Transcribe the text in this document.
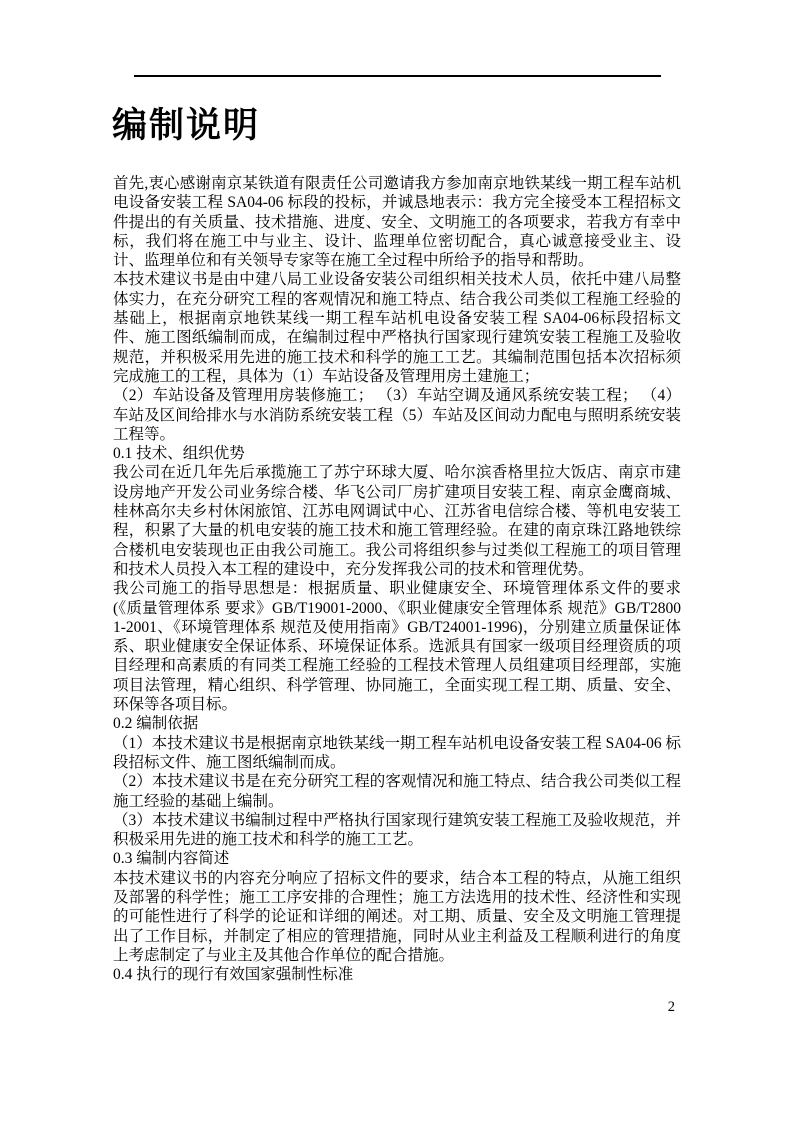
编制说明

首先,衷心感谢南京某铁道有限责任公司邀请我方参加南京地铁某线一期工程车站机电设备安装工程 SA04-06 标段的投标，并诚恳地表示：我方完全接受本工程招标文件提出的有关质量、技术措施、进度、安全、文明施工的各项要求，若我方有幸中标，我们将在施工中与业主、设计、监理单位密切配合，真心诚意接受业主、设计、监理单位和有关领导专家等在施工全过程中所给予的指导和帮助。

本技术建议书是由中建八局工业设备安装公司组织相关技术人员，依托中建八局整体实力，在充分研究工程的客观情况和施工特点、结合我公司类似工程施工经验的基础上，根据南京地铁某线一期工程车站机电设备安装工程 SA04-06标段招标文件、施工图纸编制而成，在编制过程中严格执行国家现行建筑安装工程施工及验收规范，并积极采用先进的施工技术和科学的施工工艺。其编制范围包括本次招标须完成施工的工程，具体为（1）车站设备及管理用房土建施工；

（2）车站设备及管理用房装修施工； （3）车站空调及通风系统安装工程； （4）车站及区间给排水与水消防系统安装工程（5）车站及区间动力配电与照明系统安装工程等。

0.1 技术、组织优势

我公司在近几年先后承揽施工了苏宁环球大厦、哈尔滨香格里拉大饭店、南京市建设房地产开发公司业务综合楼、华飞公司厂房扩建项目安装工程、南京金鹰商城、桂林高尔夫乡村休闲旅馆、江苏电网调试中心、江苏省电信综合楼、等机电安装工程，积累了大量的机电安装的施工技术和施工管理经验。在建的南京珠江路地铁综合楼机电安装现也正由我公司施工。我公司将组织参与过类似工程施工的项目管理和技术人员投入本工程的建设中，充分发挥我公司的技术和管理优势。

我公司施工的指导思想是：根据质量、职业健康安全、环境管理体系文件的要求(《质量管理体系 要求》GB/T19001-2000、《职业健康安全管理体系 规范》GB/T28001-2001、《环境管理体系 规范及使用指南》GB/T24001-1996)，分别建立质量保证体系、职业健康安全保证体系、环境保证体系。选派具有国家一级项目经理资质的项目经理和高素质的有同类工程施工经验的工程技术管理人员组建项目经理部，实施项目法管理，精心组织、科学管理、协同施工，全面实现工程工期、质量、安全、环保等各项目标。

0.2 编制依据

（1）本技术建议书是根据南京地铁某线一期工程车站机电设备安装工程 SA04-06 标段招标文件、施工图纸编制而成。

（2）本技术建议书是在充分研究工程的客观情况和施工特点、结合我公司类似工程施工经验的基础上编制。

（3）本技术建议书编制过程中严格执行国家现行建筑安装工程施工及验收规范，并积极采用先进的施工技术和科学的施工工艺。

0.3 编制内容简述

本技术建议书的内容充分响应了招标文件的要求，结合本工程的特点，从施工组织及部署的科学性；施工工序安排的合理性；施工方法选用的技术性、经济性和实现的可能性进行了科学的论证和详细的阐述。对工期、质量、安全及文明施工管理提出了工作目标，并制定了相应的管理措施，同时从业主利益及工程顺利进行的角度上考虑制定了与业主及其他合作单位的配合措施。

0.4 执行的现行有效国家强制性标准

2
